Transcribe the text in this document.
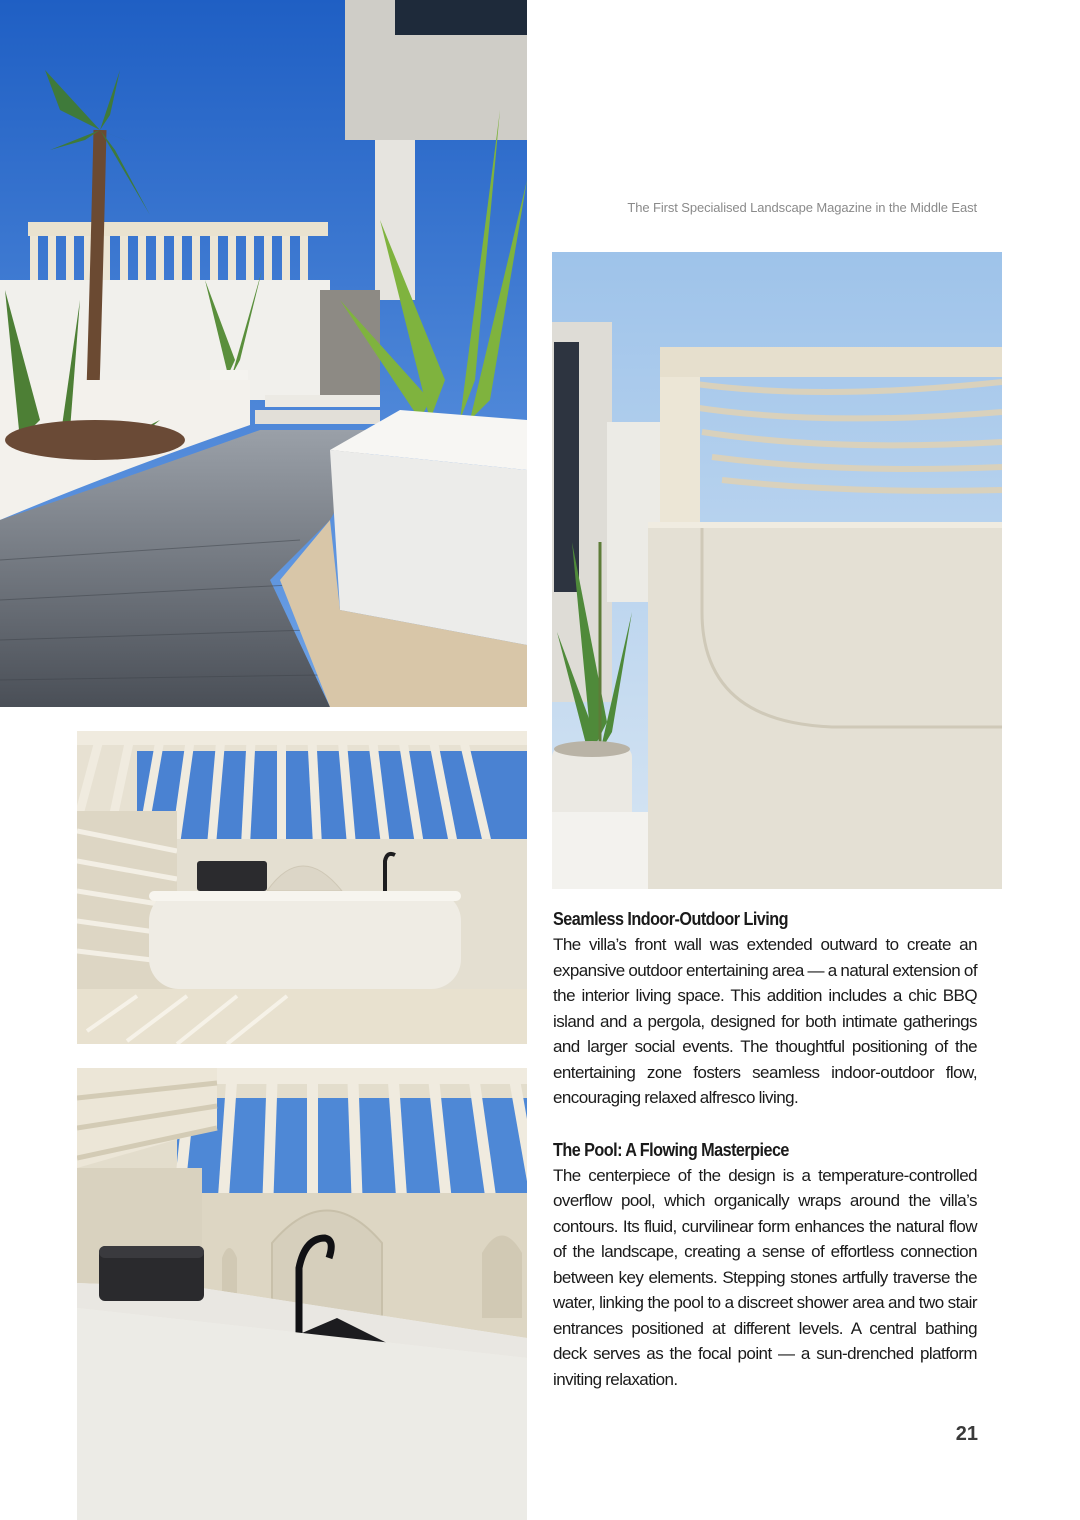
The First Specialised Landscape Magazine in the Middle East
Seamless Indoor-Outdoor Living

The villa’s front wall was extended outward to create an expansive outdoor entertaining area — a natural extension of the interior living space. This addition includes a chic BBQ island and a pergola, designed for both intimate gatherings and larger social events. The thoughtful positioning of the entertaining zone fosters seamless indoor-outdoor flow, encouraging relaxed alfresco living.

The Pool: A Flowing Masterpiece

The centerpiece of the design is a temperature-controlled overflow pool, which organically wraps around the villa’s contours. Its fluid, curvilinear form enhances the natural flow of the landscape, creating a sense of effortless connection between key elements. Stepping stones artfully traverse the water, linking the pool to a discreet shower area and two stair entrances positioned at different levels. A central bathing deck serves as the focal point — a sun-drenched platform inviting relaxation.

21
